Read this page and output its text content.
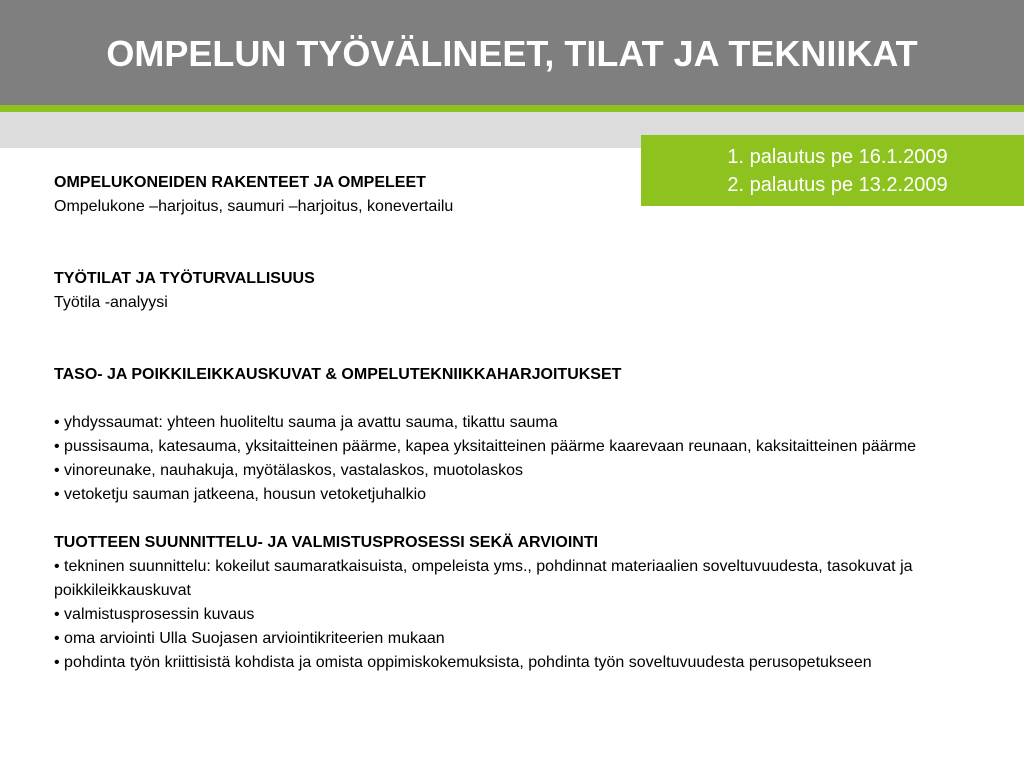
OMPELUN TYÖVÄLINEET, TILAT JA TEKNIIKAT
1. palautus pe 16.1.2009
2. palautus pe 13.2.2009
OMPELUKONEIDEN RAKENTEET JA OMPELEET
Ompelukone –harjoitus, saumuri –harjoitus, konevertailu
TYÖTILAT JA TYÖTURVALLISUUS
Työtila -analyysi
TASO- JA POIKKILEIKKAUSKUVAT & OMPELUTEKNIIKKAHARJOITUKSET
• yhdyssaumat: yhteen huoliteltu sauma ja avattu sauma, tikattu sauma
• pussisauma, katesauma, yksitaitteinen päärme, kapea yksitaitteinen päärme kaarevaan reunaan, kaksitaitteinen päärme
• vinoreunake, nauhakuja, myötälaskos, vastalaskos, muotolaskos
• vetoketju sauman jatkeena, housun vetoketjuhalkio
TUOTTEEN SUUNNITTELU- JA VALMISTUSPROSESSI SEKÄ ARVIOINTI
• tekninen suunnittelu: kokeilut saumaratkaisuista, ompeleista yms., pohdinnat materiaalien soveltuvuudesta, tasokuvat ja poikkileikkauskuvat
• valmistusprosessin kuvaus
• oma arviointi Ulla Suojasen arviointikriteerien mukaan
• pohdinta työn kriittisistä kohdista ja omista oppimiskokemuksista, pohdinta työn soveltuvuudesta perusopetukseen
